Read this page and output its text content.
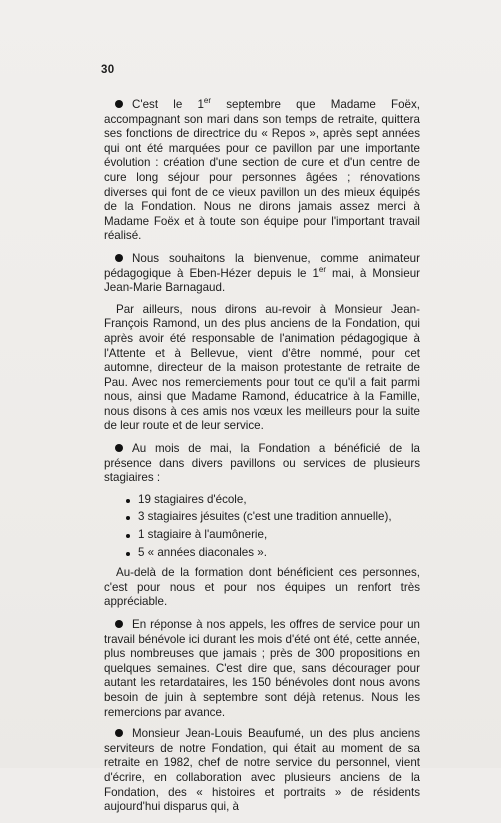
30

C'est le 1er septembre que Madame Foëx, accompagnant son mari dans son temps de retraite, quittera ses fonctions de directrice du « Repos », après sept années qui ont été marquées pour ce pavillon par une importante évolution : création d'une section de cure et d'un centre de cure long séjour pour personnes âgées ; rénovations diverses qui font de ce vieux pavillon un des mieux équipés de la Fondation. Nous ne dirons jamais assez merci à Madame Foëx et à toute son équipe pour l'important travail réalisé.

Nous souhaitons la bienvenue, comme animateur pédagogique à Eben-Hézer depuis le 1er mai, à Monsieur Jean-Marie Barnagaud.

Par ailleurs, nous dirons au-revoir à Monsieur Jean-François Ramond, un des plus anciens de la Fondation, qui après avoir été responsable de l'animation pédagogique à l'Attente et à Bellevue, vient d'être nommé, pour cet automne, directeur de la maison protestante de retraite de Pau. Avec nos remerciements pour tout ce qu'il a fait parmi nous, ainsi que Madame Ramond, éducatrice à la Famille, nous disons à ces amis nos vœux les meilleurs pour la suite de leur route et de leur service.

Au mois de mai, la Fondation a bénéficié de la présence dans divers pavillons ou services de plusieurs stagiaires :

19 stagiaires d'école,
3 stagiaires jésuites (c'est une tradition annuelle),
1 stagiaire à l'aumônerie,
5 « années diaconales ».

Au-delà de la formation dont bénéficient ces personnes, c'est pour nous et pour nos équipes un renfort très appréciable.

En réponse à nos appels, les offres de service pour un travail bénévole ici durant les mois d'été ont été, cette année, plus nombreuses que jamais ; près de 300 propositions en quelques semaines. C'est dire que, sans décourager pour autant les retardataires, les 150 bénévoles dont nous avons besoin de juin à septembre sont déjà retenus. Nous les remercions par avance.

Monsieur Jean-Louis Beaufumé, un des plus anciens serviteurs de notre Fondation, qui était au moment de sa retraite en 1982, chef de notre service du personnel, vient d'écrire, en collaboration avec plusieurs anciens de la Fondation, des « histoires et portraits » de résidents aujourd'hui disparus qui, à
